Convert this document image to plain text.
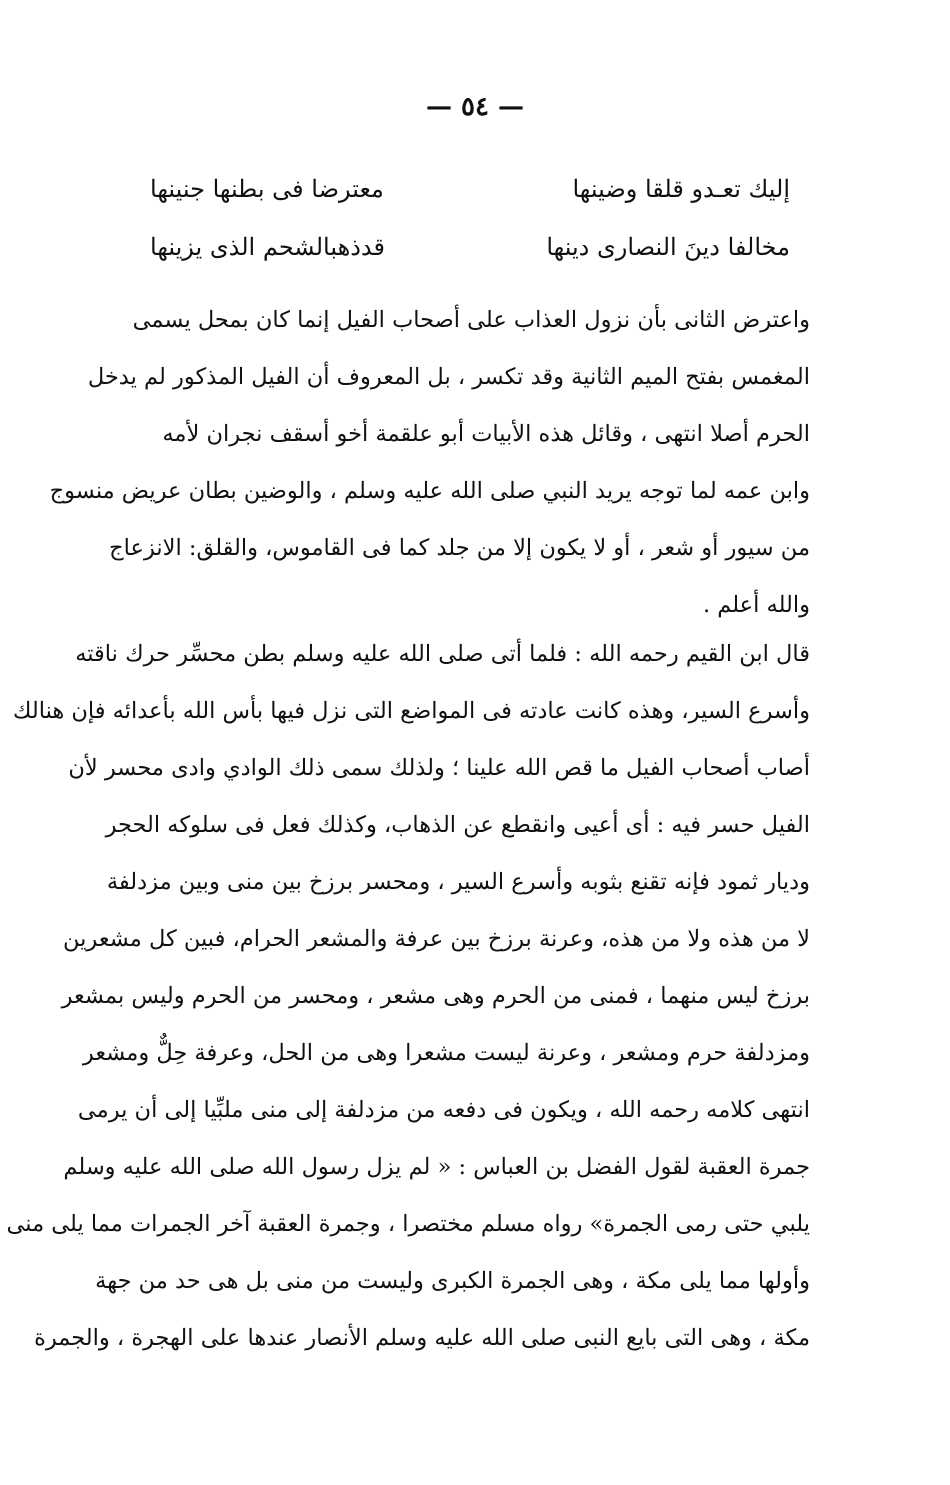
— ٥٤ —
إليك تعـدو قلقا وضينها
معترضا فى بطنها جنينها
مخالفا دينَ النصارى دينها
قدذهبالشحم الذى يزينها
واعترض الثانى بأن نزول العذاب على أصحاب الفيل إنما كان بمحل يسمى
المغمس بفتح الميم الثانية وقد تكسر ، بل المعروف أن الفيل المذكور لم يدخل
الحرم أصلا انتهى ، وقائل هذه الأبيات أبو علقمة أخو أسقف نجران لأمه
وابن عمه لما توجه يريد النبي صلى الله عليه وسلم ، والوضين بطان عريض منسوج
من سيور أو شعر ، أو لا يكون إلا من جلد كما فى القاموس، والقلق: الانزعاج
والله أعلم .
قال ابن القيم رحمه الله : فلما أتى صلى الله عليه وسلم بطن محسِّر حرك ناقته
وأسرع السير، وهذه كانت عادته فى المواضع التى نزل فيها بأس الله بأعدائه فإن هنالك
أصاب أصحاب الفيل ما قص الله علينا ؛ ولذلك سمى ذلك الوادي وادى محسر لأن
الفيل حسر فيه : أى أعيى وانقطع عن الذهاب، وكذلك فعل فى سلوكه الحجر
وديار ثمود فإنه تقنع بثوبه وأسرع السير ، ومحسر برزخ بين منى وبين مزدلفة
لا من هذه ولا من هذه، وعرنة برزخ بين عرفة والمشعر الحرام، فبين كل مشعرين
برزخ ليس منهما ، فمنى من الحرم وهى مشعر ، ومحسر من الحرم وليس بمشعر
ومزدلفة حرم ومشعر ، وعرنة ليست مشعرا وهى من الحل، وعرفة حِلٌّ ومشعر
انتهى كلامه رحمه الله ، ويكون فى دفعه من مزدلفة إلى منى ملبِّيا إلى أن يرمى
جمرة العقبة لقول الفضل بن العباس : « لم يزل رسول الله صلى الله عليه وسلم
يلبي حتى رمى الجمرة» رواه مسلم مختصرا ، وجمرة العقبة آخر الجمرات مما يلى منى
وأولها مما يلى مكة ، وهى الجمرة الكبرى وليست من منى بل هى حد من جهة
مكة ، وهى التى بايع النبى صلى الله عليه وسلم الأنصار عندها على الهجرة ، والجمرة
